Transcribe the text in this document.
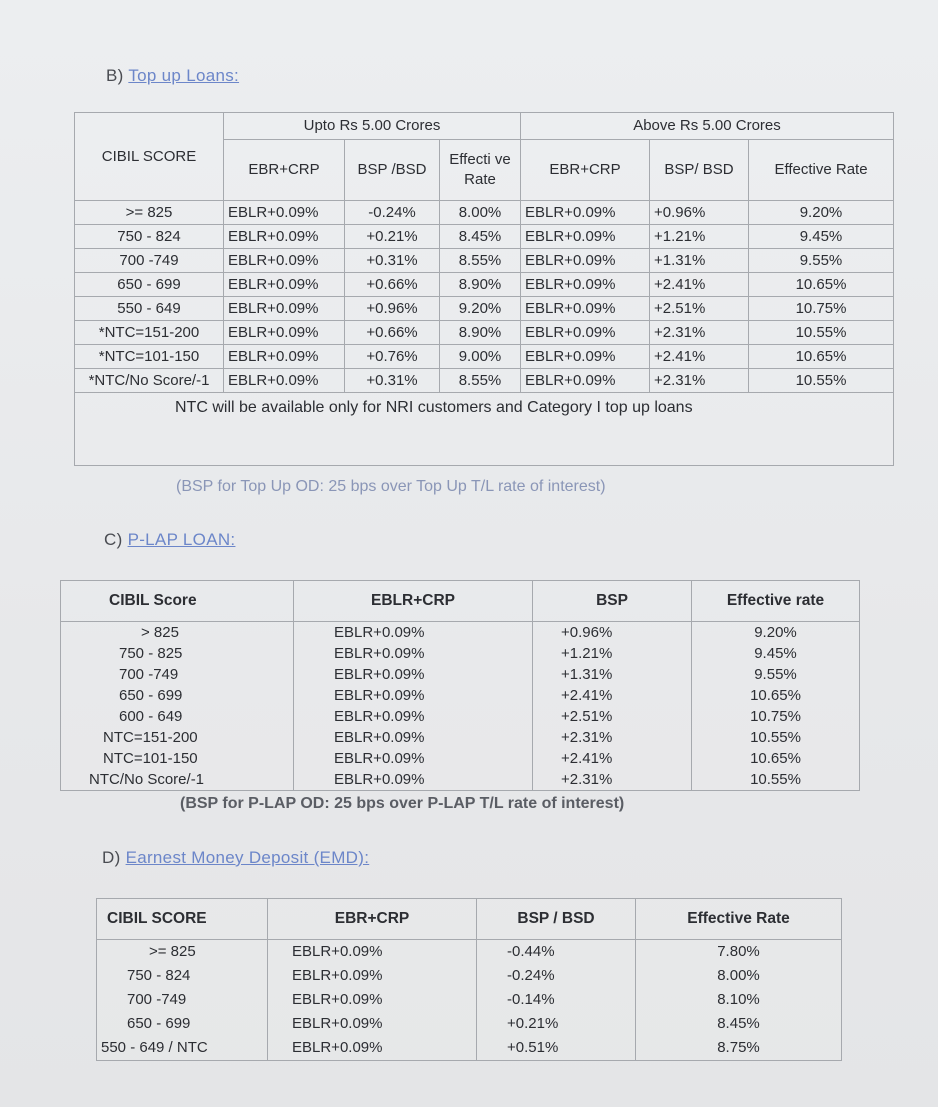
B) Top up Loans:
CIBIL SCORE	Upto Rs 5.00 Crores			Above Rs 5.00 Crores		
	EBR+CRP	BSP /BSD	Effecti ve Rate	EBR+CRP	BSP/ BSD	Effective Rate
>= 825	EBLR+0.09%	-0.24%	8.00%	EBLR+0.09%	+0.96%	9.20%
750 - 824	EBLR+0.09%	+0.21%	8.45%	EBLR+0.09%	+1.21%	9.45%
700 -749	EBLR+0.09%	+0.31%	8.55%	EBLR+0.09%	+1.31%	9.55%
650 - 699	EBLR+0.09%	+0.66%	8.90%	EBLR+0.09%	+2.41%	10.65%
550 - 649	EBLR+0.09%	+0.96%	9.20%	EBLR+0.09%	+2.51%	10.75%
*NTC=151-200	EBLR+0.09%	+0.66%	8.90%	EBLR+0.09%	+2.31%	10.55%
*NTC=101-150	EBLR+0.09%	+0.76%	9.00%	EBLR+0.09%	+2.41%	10.65%
*NTC/No Score/-1	EBLR+0.09%	+0.31%	8.55%	EBLR+0.09%	+2.31%	10.55%

NTC will be available only for NRI customers and Category I top up loans						
(BSP for Top Up OD: 25 bps over Top Up T/L rate of interest)
C) P-LAP LOAN:
CIBIL Score	EBLR+CRP	BSP	Effective rate
> 825	EBLR+0.09%	+0.96%	9.20%
750 - 825	EBLR+0.09%	+1.21%	9.45%
700 -749	EBLR+0.09%	+1.31%	9.55%
650 - 699	EBLR+0.09%	+2.41%	10.65%
600 - 649	EBLR+0.09%	+2.51%	10.75%
NTC=151-200	EBLR+0.09%	+2.31%	10.55%
NTC=101-150	EBLR+0.09%	+2.41%	10.65%
NTC/No Score/-1	EBLR+0.09%	+2.31%	10.55%
(BSP for P-LAP OD: 25 bps over P-LAP T/L rate of interest)
D) Earnest Money Deposit (EMD):
CIBIL SCORE	EBR+CRP	BSP / BSD	Effective Rate
>= 825	EBLR+0.09%	-0.44%	7.80%
750 - 824	EBLR+0.09%	-0.24%	8.00%
700 -749	EBLR+0.09%	-0.14%	8.10%
650 - 699	EBLR+0.09%	+0.21%	8.45%
550 - 649 / NTC	EBLR+0.09%	+0.51%	8.75%
